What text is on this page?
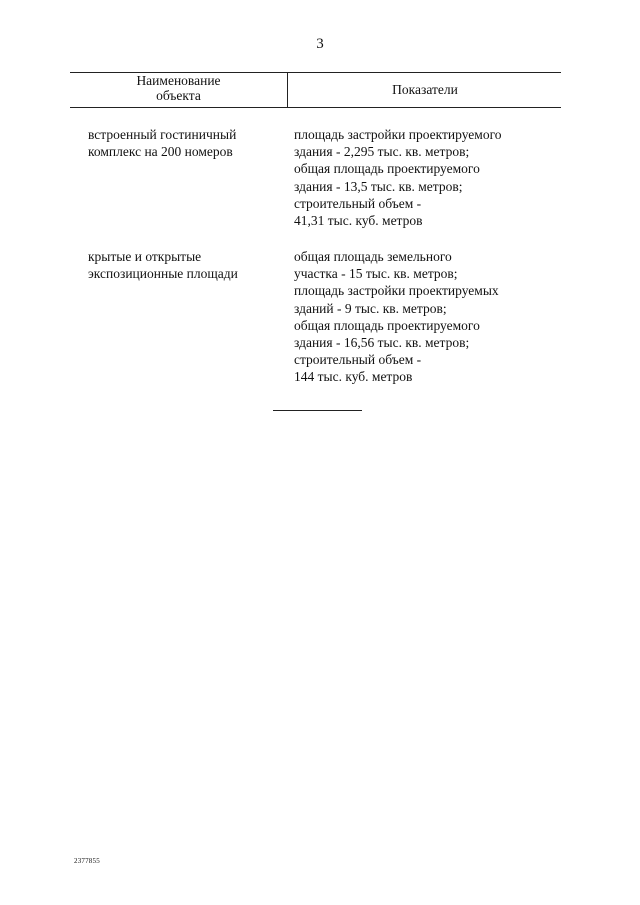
3
Наименование
объекта	Показатели
встроенный гостиничный
комплекс на 200 номеров
площадь застройки проектируемого
здания - 2,295 тыс. кв. метров;
общая площадь проектируемого
здания - 13,5 тыс. кв. метров;
строительный объем -
41,31 тыс. куб. метров
крытые и открытые
экспозиционные площади
общая площадь земельного
участка - 15 тыс. кв. метров;
площадь застройки проектируемых
зданий - 9 тыс. кв. метров;
общая площадь проектируемого
здания - 16,56 тыс. кв. метров;
строительный объем -
144 тыс. куб. метров
2377855
